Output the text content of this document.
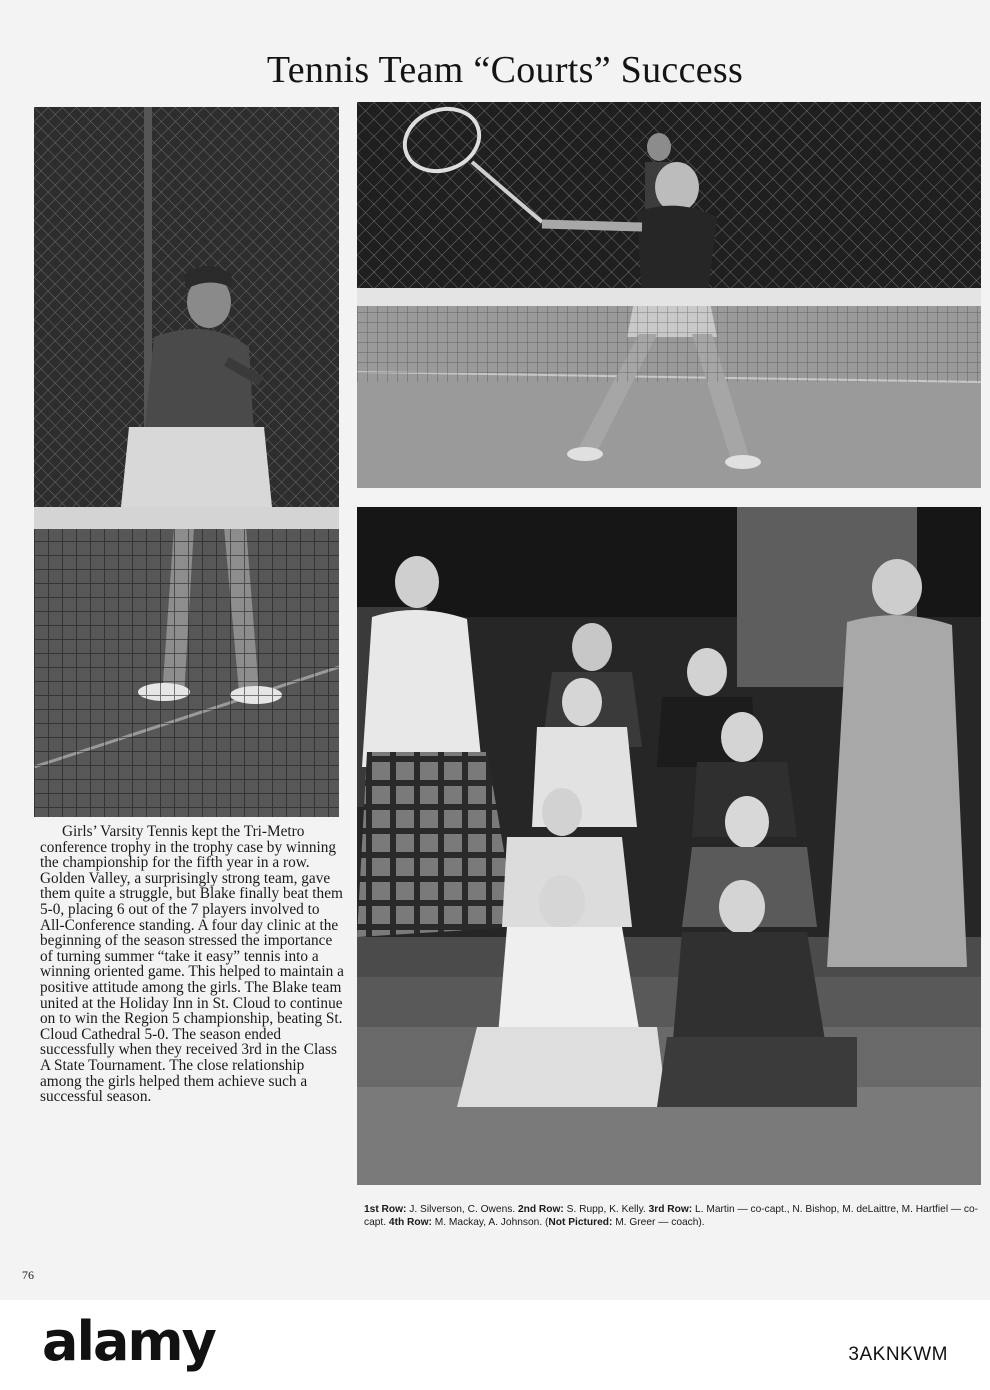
Tennis Team “Courts” Success

Girls’ Varsity Tennis kept the Tri-Metro conference trophy in the trophy case by winning the championship for the fifth year in a row. Golden Valley, a surprisingly strong team, gave them quite a struggle, but Blake finally beat them 5-0, placing 6 out of the 7 players involved to All-Conference standing. A four day clinic at the beginning of the season stressed the importance of turning summer “take it easy” tennis into a winning oriented game. This helped to maintain a positive attitude among the girls. The Blake team united at the Holiday Inn in St. Cloud to continue on to win the Region 5 championship, beating St. Cloud Cathedral 5-0. The season ended successfully when they received 3rd in the Class A State Tournament. The close relationship among the girls helped them achieve such a successful season.

1st Row: J. Silverson, C. Owens. 2nd Row: S. Rupp, K. Kelly. 3rd Row: L. Martin — co-capt., N. Bishop, M. deLaittre, M. Hartfiel — co-capt. 4th Row: M. Mackay, A. Johnson. (Not Pictured: M. Greer — coach).

76
alamy	3AKNKWM
